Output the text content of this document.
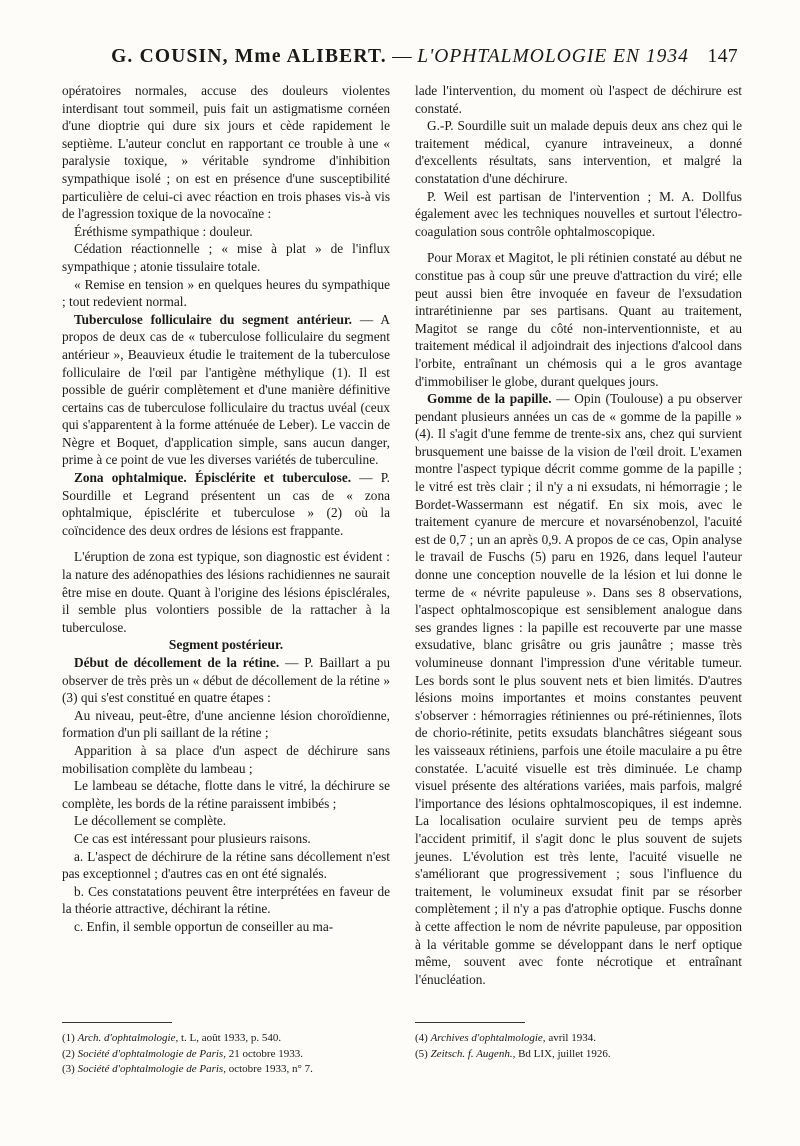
G. COUSIN, Mme ALIBERT. — L'OPHTALMOLOGIE EN 1934 147

opératoires normales, accuse des douleurs violentes interdisant tout sommeil, puis fait un astigmatisme cornéen d'une dioptrie qui dure six jours et cède rapidement le septième. L'auteur conclut en rapportant ce trouble à une « paralysie toxique, » véritable syndrome d'inhibition sympathique isolé ; on est en présence d'une susceptibilité particulière de celui-ci avec réaction en trois phases vis-à vis de l'agression toxique de la novocaïne :

Éréthisme sympathique : douleur.

Cédation réactionnelle ; « mise à plat » de l'influx sympathique ; atonie tissulaire totale.

« Remise en tension » en quelques heures du sympathique ; tout redevient normal.

Tuberculose folliculaire du segment antérieur. — A propos de deux cas de « tuberculose folliculaire du segment antérieur », Beauvieux étudie le traitement de la tuberculose folliculaire de l'œil par l'antigène méthylique (1). Il est possible de guérir complètement et d'une manière définitive certains cas de tuberculose folliculaire du tractus uvéal (ceux qui s'apparentent à la forme atténuée de Leber). Le vaccin de Nègre et Boquet, d'application simple, sans aucun danger, prime à ce point de vue les diverses variétés de tuberculine.

Zona ophtalmique. Épisclérite et tuberculose. — P. Sourdille et Legrand présentent un cas de « zona ophtalmique, épisclérite et tuberculose » (2) où la coïncidence des deux ordres de lésions est frappante.

L'éruption de zona est typique, son diagnostic est évident : la nature des adénopathies des lésions rachidiennes ne saurait être mise en doute. Quant à l'origine des lésions épisclérales, il semble plus volontiers possible de la rattacher à la tuberculose.

Segment postérieur.

Début de décollement de la rétine. — P. Baillart a pu observer de très près un « début de décollement de la rétine » (3) qui s'est constitué en quatre étapes :

Au niveau, peut-être, d'une ancienne lésion choroïdienne, formation d'un pli saillant de la rétine ;

Apparition à sa place d'un aspect de déchirure sans mobilisation complète du lambeau ;

Le lambeau se détache, flotte dans le vitré, la déchirure se complète, les bords de la rétine paraissent imbibés ;

Le décollement se complète.

Ce cas est intéressant pour plusieurs raisons.

a. L'aspect de déchirure de la rétine sans décollement n'est pas exceptionnel ; d'autres cas en ont été signalés.

b. Ces constatations peuvent être interprétées en faveur de la théorie attractive, déchirant la rétine.

c. Enfin, il semble opportun de conseiller au ma-

lade l'intervention, du moment où l'aspect de déchirure est constaté.

G.-P. Sourdille suit un malade depuis deux ans chez qui le traitement médical, cyanure intraveineux, a donné d'excellents résultats, sans intervention, et malgré la constatation d'une déchirure.

P. Weil est partisan de l'intervention ; M. A. Dollfus également avec les techniques nouvelles et surtout l'électro-coagulation sous contrôle ophtalmoscopique.

Pour Morax et Magitot, le pli rétinien constaté au début ne constitue pas à coup sûr une preuve d'attraction du viré; elle peut aussi bien être invoquée en faveur de l'exsudation intrarétinienne par ses partisans. Quant au traitement, Magitot se range du côté non-interventionniste, et au traitement médical il adjoindrait des injections d'alcool dans l'orbite, entraînant un chémosis qui a le gros avantage d'immobiliser le globe, durant quelques jours.

Gomme de la papille. — Opin (Toulouse) a pu observer pendant plusieurs années un cas de « gomme de la papille » (4). Il s'agit d'une femme de trente-six ans, chez qui survient brusquement une baisse de la vision de l'œil droit. L'examen montre l'aspect typique décrit comme gomme de la papille ; le vitré est très clair ; il n'y a ni exsudats, ni hémorragie ; le Bordet-Wassermann est négatif. En six mois, avec le traitement cyanure de mercure et novarsénobenzol, l'acuité est de 0,7 ; un an après 0,9. A propos de ce cas, Opin analyse le travail de Fuschs (5) paru en 1926, dans lequel l'auteur donne une conception nouvelle de la lésion et lui donne le terme de « névrite papuleuse ». Dans ses 8 observations, l'aspect ophtalmoscopique est sensiblement analogue dans ses grandes lignes : la papille est recouverte par une masse exsudative, blanc grisâtre ou gris jaunâtre ; masse très volumineuse donnant l'impression d'une véritable tumeur. Les bords sont le plus souvent nets et bien limités. D'autres lésions moins importantes et moins constantes peuvent s'observer : hémorragies rétiniennes ou pré-rétiniennes, îlots de chorio-rétinite, petits exsudats blanchâtres siégeant sous les vaisseaux rétiniens, parfois une étoile maculaire a pu être constatée. L'acuité visuelle est très diminuée. Le champ visuel présente des altérations variées, mais parfois, malgré l'importance des lésions ophtalmoscopiques, il est indemne. La localisation oculaire survient peu de temps après l'accident primitif, il s'agit donc le plus souvent de sujets jeunes. L'évolution est très lente, l'acuité visuelle ne s'améliorant que progressivement ; sous l'influence du traitement, le volumineux exsudat finit par se résorber complètement ; il n'y a pas d'atrophie optique. Fuschs donne à cette affection le nom de névrite papuleuse, par opposition à la véritable gomme se développant dans le nerf optique même, souvent avec fonte nécrotique et entraînant l'énucléation.

(1) Arch. d'ophtalmologie, t. L, août 1933, p. 540.
(2) Société d'ophtalmologie de Paris, 21 octobre 1933.
(3) Société d'ophtalmologie de Paris, octobre 1933, n° 7.
(4) Archives d'ophtalmologie, avril 1934.
(5) Zeitsch. f. Augenh., Bd LIX, juillet 1926.
